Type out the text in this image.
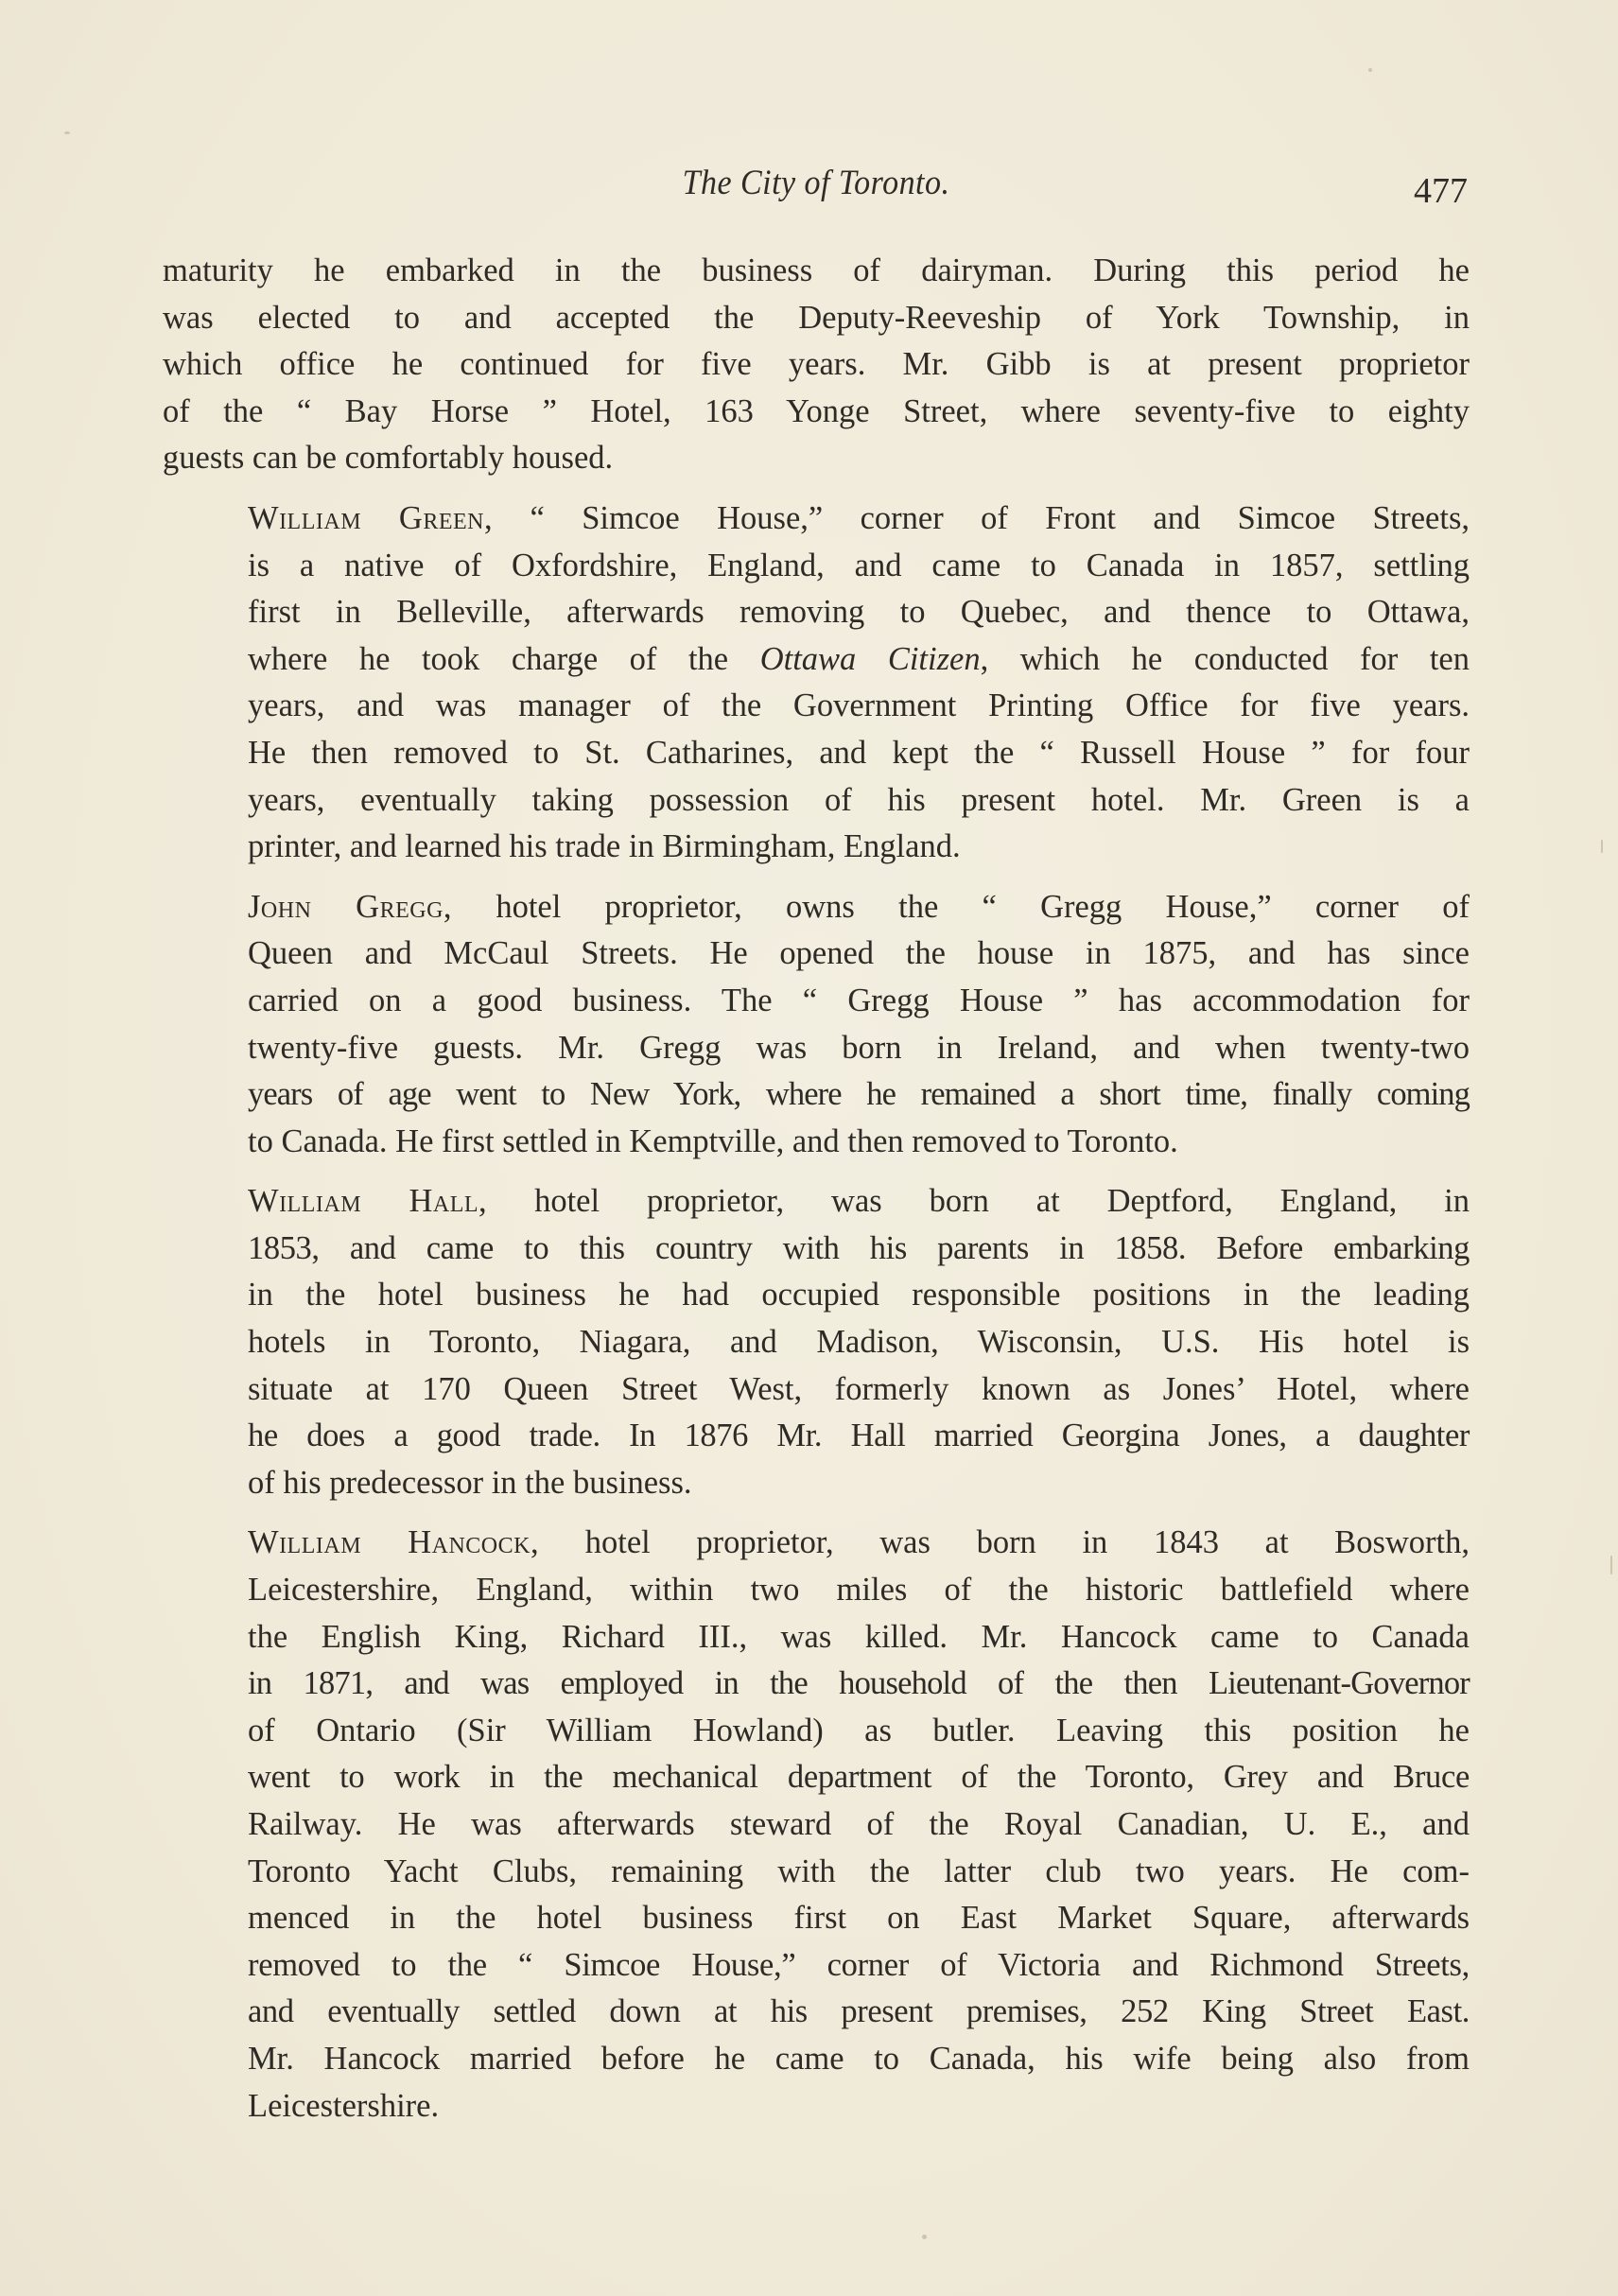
The City of Toronto.	477

maturity he embarked in the business of dairyman. During this period he
was elected to and accepted the Deputy-Reeveship of York Township, in
which office he continued for five years. Mr. Gibb is at present proprietor
of the “ Bay Horse ” Hotel, 163 Yonge Street, where seventy-five to eighty
guests can be comfortably housed.

William Green, “ Simcoe House,” corner of Front and Simcoe Streets,
is a native of Oxfordshire, England, and came to Canada in 1857, settling
first in Belleville, afterwards removing to Quebec, and thence to Ottawa,
where he took charge of the Ottawa Citizen, which he conducted for ten
years, and was manager of the Government Printing Office for five years.
He then removed to St. Catharines, and kept the “ Russell House ” for four
years, eventually taking possession of his present hotel. Mr. Green is a
printer, and learned his trade in Birmingham, England.

John Gregg, hotel proprietor, owns the “ Gregg House,” corner of
Queen and McCaul Streets. He opened the house in 1875, and has since
carried on a good business. The “ Gregg House ” has accommodation for
twenty-five guests. Mr. Gregg was born in Ireland, and when twenty-two
years of age went to New York, where he remained a short time, finally coming
to Canada. He first settled in Kemptville, and then removed to Toronto.

William Hall, hotel proprietor, was born at Deptford, England, in
1853, and came to this country with his parents in 1858. Before embarking
in the hotel business he had occupied responsible positions in the leading
hotels in Toronto, Niagara, and Madison, Wisconsin, U.S. His hotel is
situate at 170 Queen Street West, formerly known as Jones’ Hotel, where
he does a good trade. In 1876 Mr. Hall married Georgina Jones, a daughter
of his predecessor in the business.

William Hancock, hotel proprietor, was born in 1843 at Bosworth,
Leicestershire, England, within two miles of the historic battlefield where
the English King, Richard III., was killed. Mr. Hancock came to Canada
in 1871, and was employed in the household of the then Lieutenant-Governor
of Ontario (Sir William Howland) as butler. Leaving this position he
went to work in the mechanical department of the Toronto, Grey and Bruce
Railway. He was afterwards steward of the Royal Canadian, U. E., and
Toronto Yacht Clubs, remaining with the latter club two years. He com-
menced in the hotel business first on East Market Square, afterwards
removed to the “ Simcoe House,” corner of Victoria and Richmond Streets,
and eventually settled down at his present premises, 252 King Street East.
Mr. Hancock married before he came to Canada, his wife being also from
Leicestershire.
